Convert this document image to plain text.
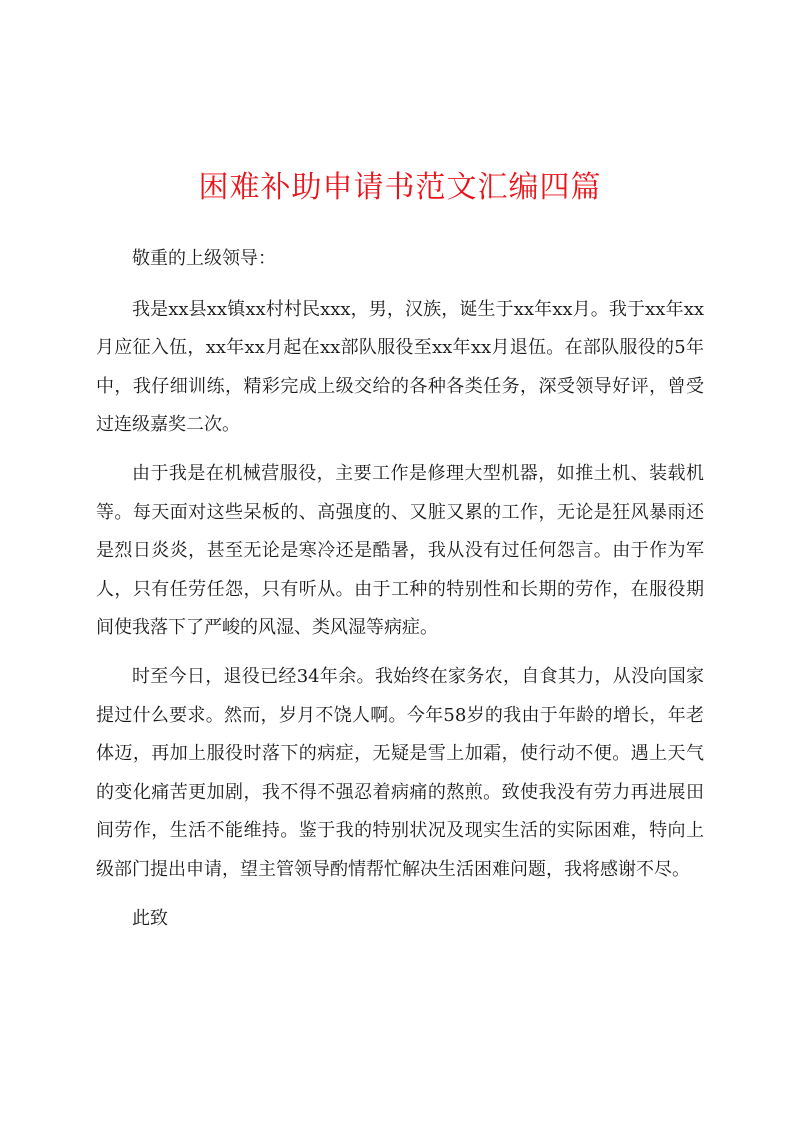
困难补助申请书范文汇编四篇

敬重的上级领导：

我是xx县xx镇xx村村民xxx，男，汉族，诞生于xx年xx月。我于xx年xx月应征入伍，xx年xx月起在xx部队服役至xx年xx月退伍。在部队服役的5年中，我仔细训练，精彩完成上级交给的各种各类任务，深受领导好评，曾受过连级嘉奖二次。

由于我是在机械营服役，主要工作是修理大型机器，如推土机、装载机等。每天面对这些呆板的、高强度的、又脏又累的工作，无论是狂风暴雨还是烈日炎炎，甚至无论是寒冷还是酷暑，我从没有过任何怨言。由于作为军人，只有任劳任怨，只有听从。由于工种的特别性和长期的劳作，在服役期间使我落下了严峻的风湿、类风湿等病症。

时至今日，退役已经34年余。我始终在家务农，自食其力，从没向国家提过什么要求。然而，岁月不饶人啊。今年58岁的我由于年龄的增长，年老体迈，再加上服役时落下的病症，无疑是雪上加霜，使行动不便。遇上天气的变化痛苦更加剧，我不得不强忍着病痛的熬煎。致使我没有劳力再进展田间劳作，生活不能维持。鉴于我的特别状况及现实生活的实际困难，特向上级部门提出申请，望主管领导酌情帮忙解决生活困难问题，我将感谢不尽。

此致
